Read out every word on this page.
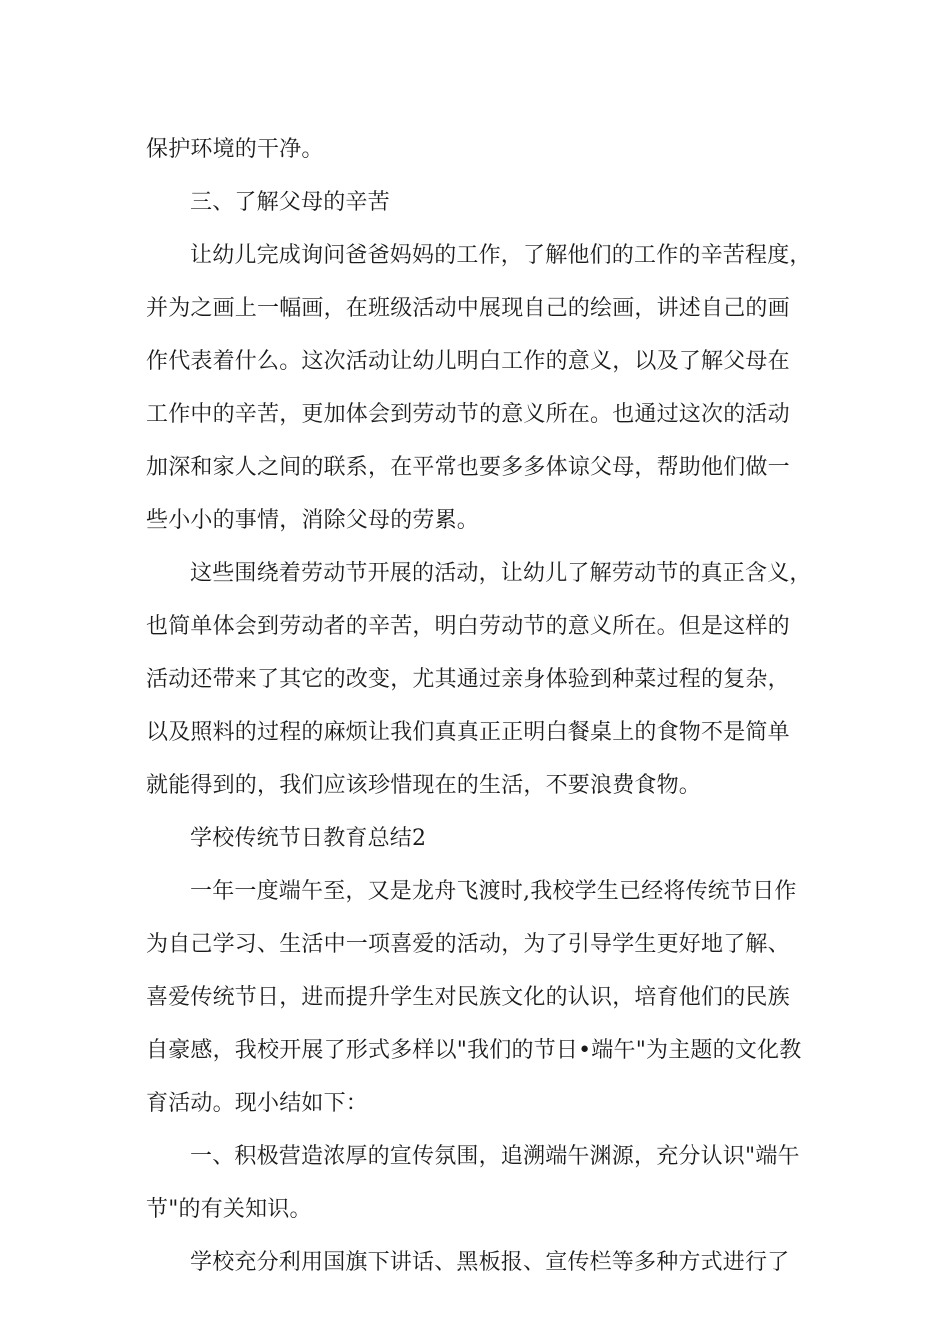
保护环境的干净。
三、了解父母的辛苦
让幼儿完成询问爸爸妈妈的工作，了解他们的工作的辛苦程度，
并为之画上一幅画，在班级活动中展现自己的绘画，讲述自己的画
作代表着什么。这次活动让幼儿明白工作的意义，以及了解父母在
工作中的辛苦，更加体会到劳动节的意义所在。也通过这次的活动
加深和家人之间的联系，在平常也要多多体谅父母，帮助他们做一
些小小的事情，消除父母的劳累。
这些围绕着劳动节开展的活动，让幼儿了解劳动节的真正含义，
也简单体会到劳动者的辛苦，明白劳动节的意义所在。但是这样的
活动还带来了其它的改变，尤其通过亲身体验到种菜过程的复杂，
以及照料的过程的麻烦让我们真真正正明白餐桌上的食物不是简单
就能得到的，我们应该珍惜现在的生活，不要浪费食物。
学校传统节日教育总结2
一年一度端午至，又是龙舟飞渡时,我校学生已经将传统节日作
为自己学习、生活中一项喜爱的活动，为了引导学生更好地了解、
喜爱传统节日，进而提升学生对民族文化的认识，培育他们的民族
自豪感，我校开展了形式多样以"我们的节日•端午"为主题的文化教
育活动。现小结如下：
一、积极营造浓厚的宣传氛围，追溯端午渊源，充分认识"端午
节"的有关知识。
学校充分利用国旗下讲话、黑板报、宣传栏等多种方式进行了
